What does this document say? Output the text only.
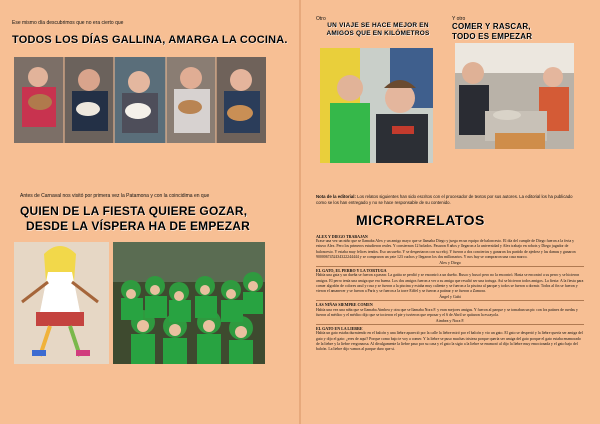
Ese mismo día descubrimos que no era cierto que
TODOS LOS DÍAS GALLINA, AMARGA LA COCINA.
Antes de Carnaval nos visitó por primera vez la Patamona y con la coincidima en que
QUIEN DE LA FIESTA QUIERE GOZAR,
DESDE LA VÍSPERA HA DE EMPEZAR
Otro
UN VIAJE SE HACE MEJOR EN AMIGOS QUE EN KILÓMETROS
Y otro
COMER Y RASCAR,
TODO ES EMPEZAR
Nota de la editorial: Los relatos siguientes han sido escritos con el procesador de textos por sus autores. La editorial los ha publicado como se los han entregado y no se hace responsable de su contenido.
MICRORRELATOS

ALEX Y DIEGO TRABAJAN

Erase una vez un niño que se llamaba Alex y un amigo mayo que se llamaba Diego y juega en un equipo de baloncesto. El día del cumple de Diego fueron a la feria y estuvo Alex. Pero los primeros estudieron reales. Y consiernon 12 bolados. Pasaron 8 años y llegaron a la universidad y Alex trabajo en robots y Diego jugador de baloncesto. Y estaba muy felices tendos. Eso un sueño. Y se despertaron con su reloj. Y fueron a dos conciertos y ganaron los partido de ajedrez y las damas y ganaron 9000067452434322244444 y se compraron un yate 123 cuchos y llegaron los dos millonarios. Y nos huy se compraron una casa marco.
Alex y Diego

EL GATO, EL PERRO Y LA TORTUGA

Había una gata y un dueña se fueron a pasear. La gatita se perdió y se encontró a un dueño. Busco y buscó pero no la encontró. Hasta se encontró a su perro y se hicieron amigos. El perro tenía una amiga que era buena. Los dos amigos fueron a ver a su amiga que resultó ser una tortuga. Así se hicieron todos amigos. La fiesta: A la fiesta para comer algodón de colores azul y rosa y se fueron a la piscina y estaba muy caliente y se fueron a la piscina al parque y todos se fueron a dormir. Todos al fin se fueron y vieron el amanecer y se fueron a París y se fueron a la torre Eiffel y se fueron a patinar y se fueron a Zamora.
Ángel y Gabi

LAS NIÑAS SIEMPRE COMEN

Había una vez una niña que se llamaba Aimbea y otra que se llamaba Nora F. y eran mejores amigas. Y fueron al parque y se tomaban un pic con los patines de ruedas y fueron al médico y el médico dijo que se tocieron el pie y tuvieron que reposar y el 6 de Abril se quitaron la escayola.
Aimbea y Nora F.

EL GATO EN LA LIEBRE

Había un gato estaba durmiendo en el balcón y una liebre apareció por la calle la liebre miró por el balcón y vio un gato. El gato se despertó y la liebre quería ser amiga del gato y dijo el gato: ¿eres de aquí? Porque como bajo te voy a comer. Y la liebre se puso muchas tristeza porque quería ser amiga del gato porque el gato estaba enamorado de la liebre y la liebre vergonzosa. Al divulgamente la liebre paso por su casa y el gato la sigio a la liebre se enamoró al dijo la liebre muy emocionada y el gato bajo del balcón. La liebre dijo vamos al parque duro que si.
